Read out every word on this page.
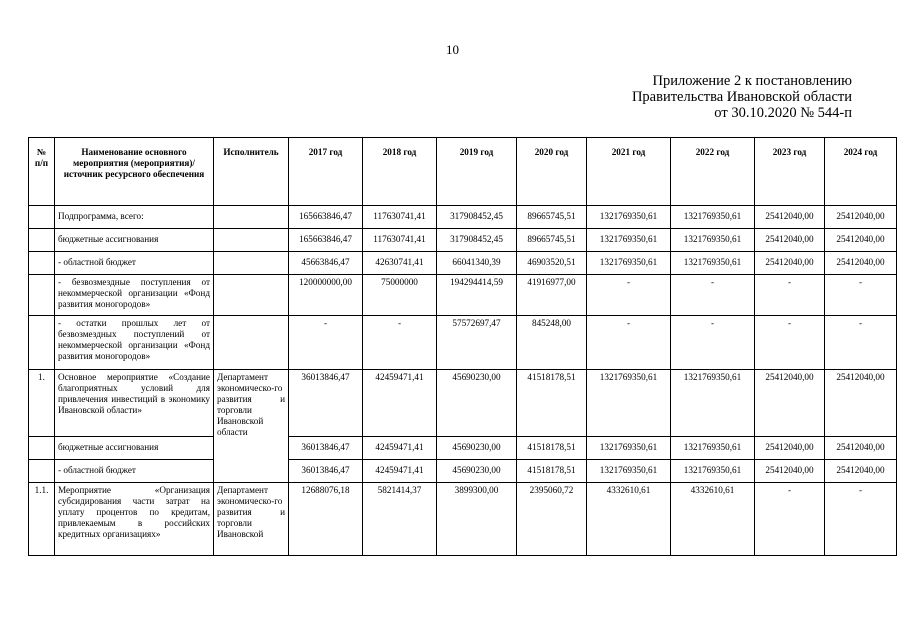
10
Приложение 2 к постановлению
Правительства Ивановской области
от 30.10.2020 № 544-п
№ п/п	Наименование основного мероприятия (мероприятия)/источник ресурсного обеспечения	Исполнитель	2017 год	2018 год	2019 год	2020 год	2021 год	2022 год	2023 год	2024 год
	Подпрограмма, всего:		165663846,47	117630741,41	317908452,45	89665745,51	1321769350,61	1321769350,61	25412040,00	25412040,00
	бюджетные ассигнования		165663846,47	117630741,41	317908452,45	89665745,51	1321769350,61	1321769350,61	25412040,00	25412040,00
	- областной бюджет		45663846,47	42630741,41	66041340,39	46903520,51	1321769350,61	1321769350,61	25412040,00	25412040,00
	- безвозмездные поступления от некоммерческой организации «Фонд развития моногородов»		120000000,00	75000000	194294414,59	41916977,00	-	-	-	-
	- остатки прошлых лет от безвозмездных поступлений от некоммерческой организации «Фонд развития моногородов»		-	-	57572697,47	845248,00	-	-	-	-
1.	Основное мероприятие «Создание благоприятных условий для привлечения инвестиций в экономику Ивановской области»	Департамент экономическо-го развития и торговли Ивановской области	36013846,47	42459471,41	45690230,00	41518178,51	1321769350,61	1321769350,61	25412040,00	25412040,00
	бюджетные ассигнования		36013846,47	42459471,41	45690230,00	41518178,51	1321769350,61	1321769350,61	25412040,00	25412040,00
	- областной бюджет		36013846,47	42459471,41	45690230,00	41518178,51	1321769350,61	1321769350,61	25412040,00	25412040,00
1.1.	Мероприятие «Организация субсидирования части затрат на уплату процентов по кредитам, привлекаемым в российских кредитных организациях»	Департамент экономическо-го развития и торговли Ивановской	12688076,18	5821414,37	3899300,00	2395060,72	4332610,61	4332610,61	-	-
